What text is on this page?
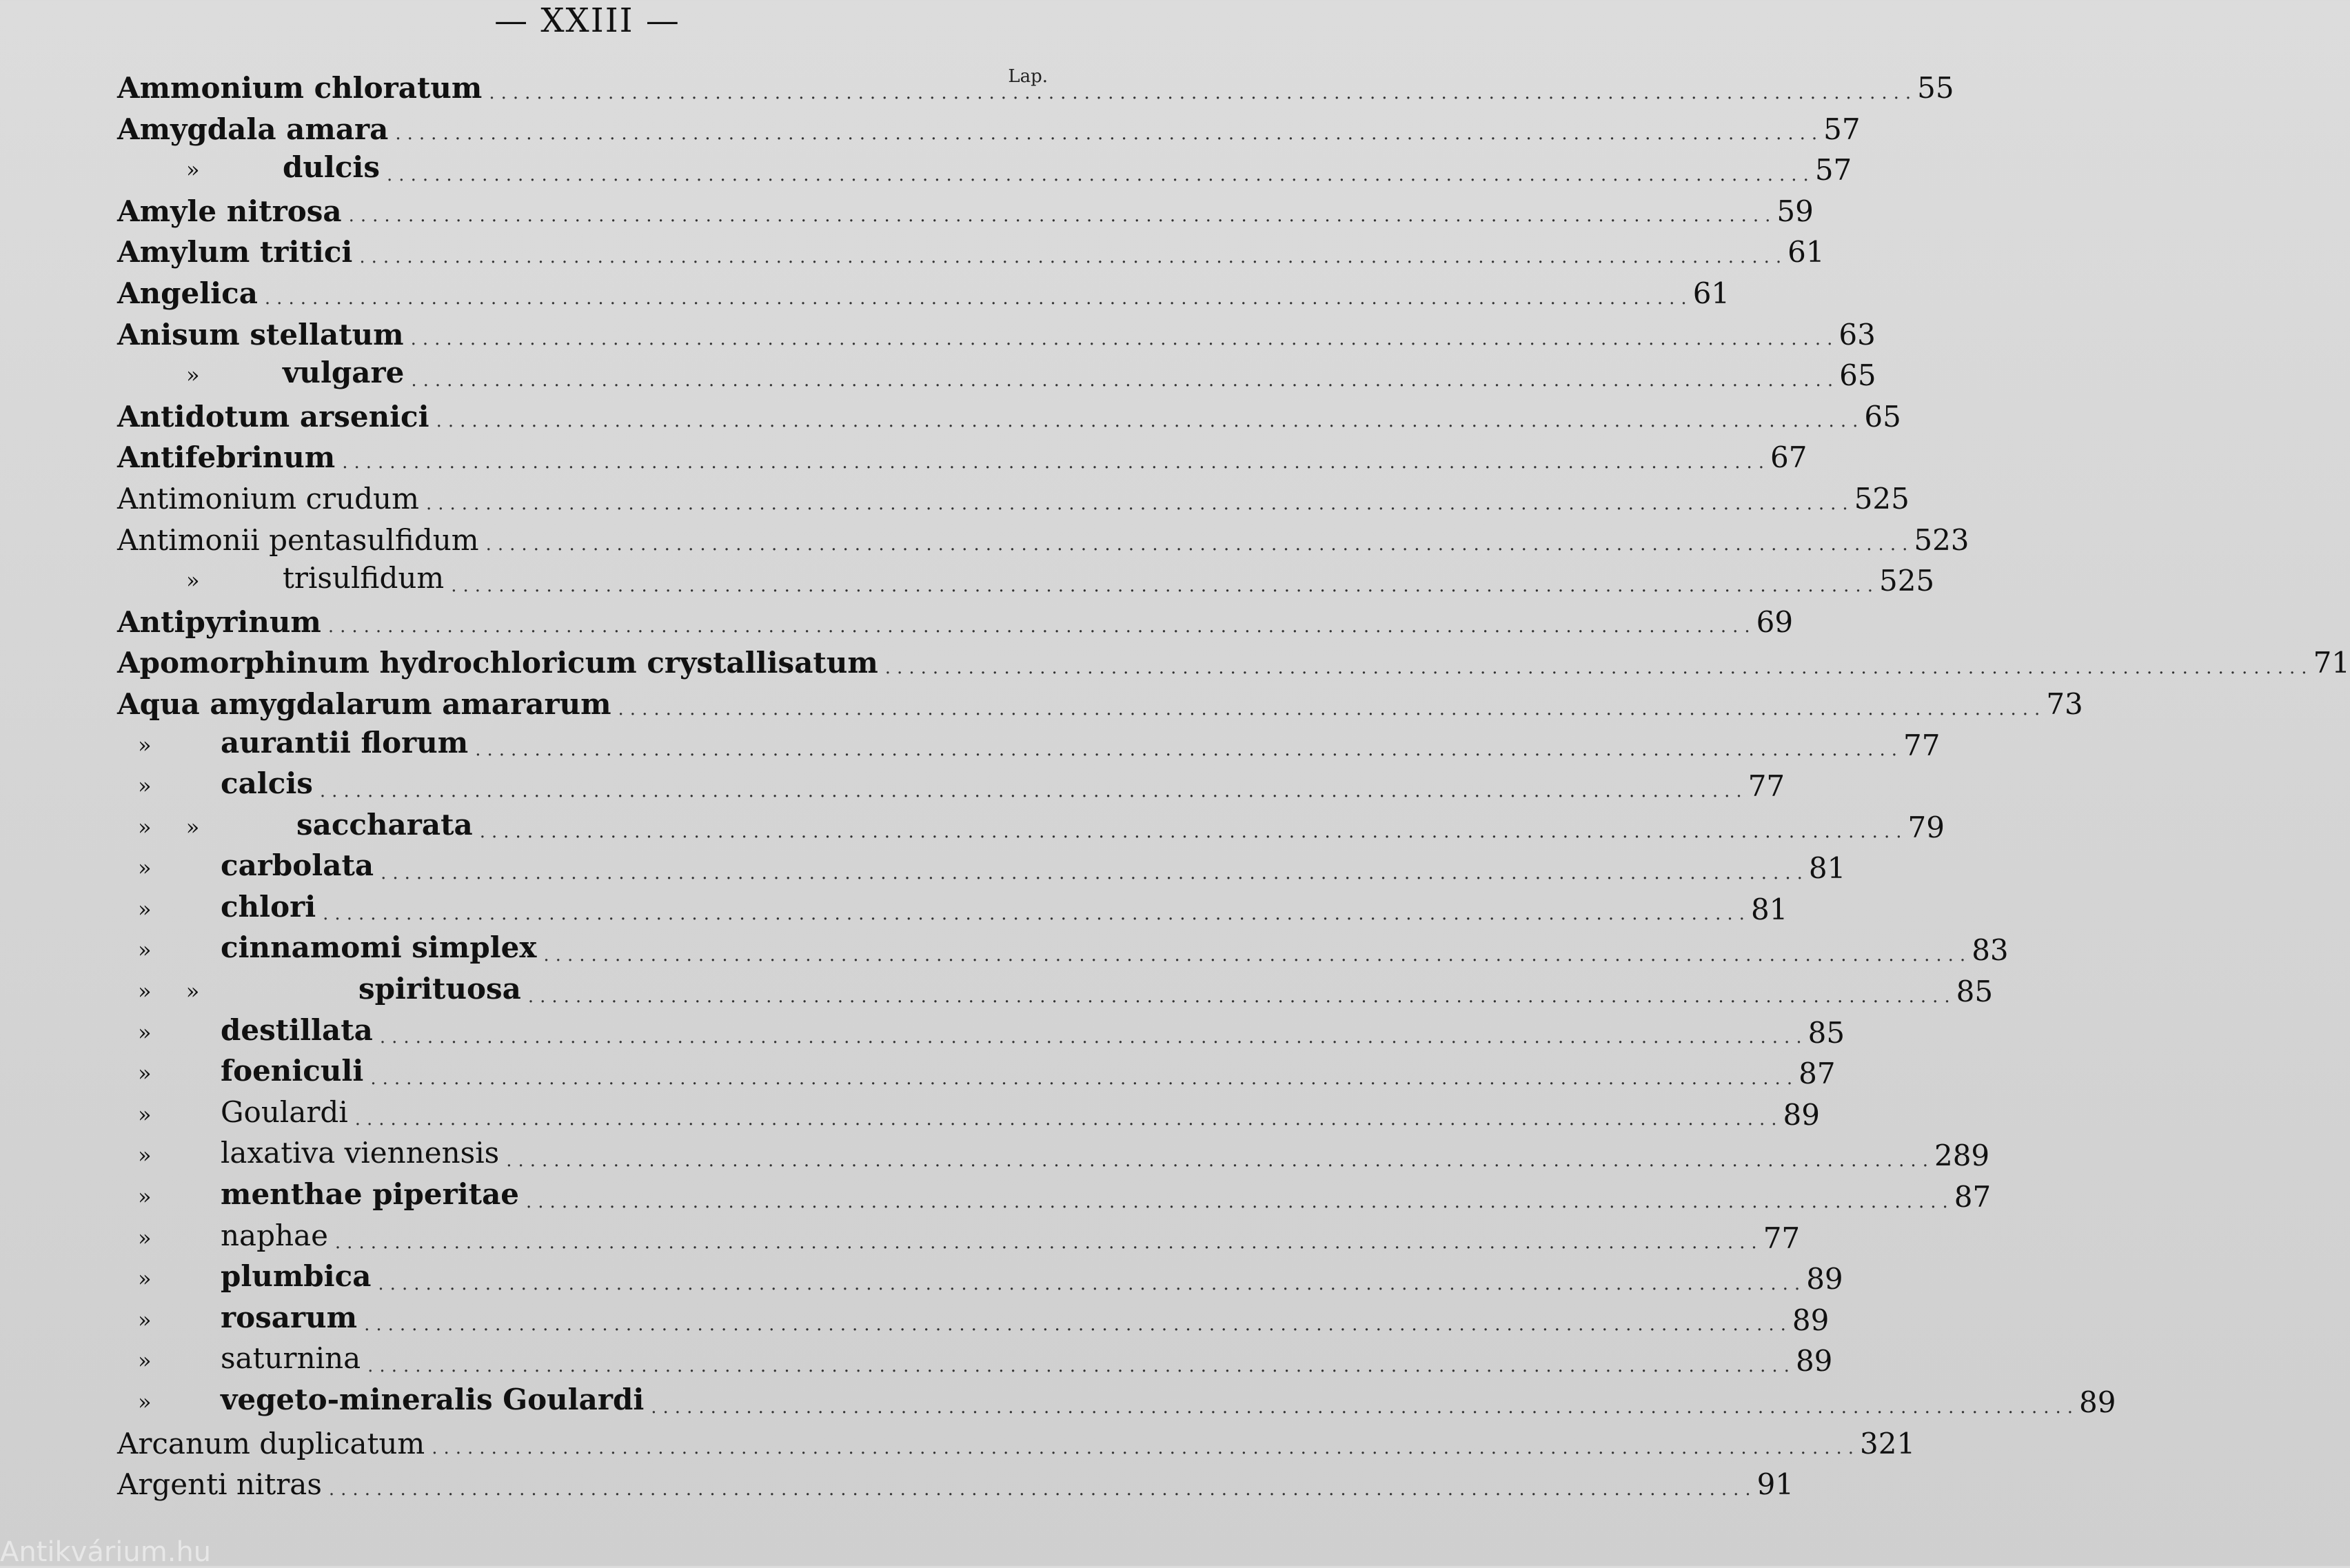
— XXIII —
Lap.
Ammonium chloratum ........................................................................................................................ 55
Amygdala amara ........................................................................................................................ 57
»	dulcis ........................................................................................................................ 57
Amyle nitrosa ........................................................................................................................ 59
Amylum tritici ........................................................................................................................ 61
Angelica ........................................................................................................................ 61
Anisum stellatum ........................................................................................................................ 63
»	vulgare ........................................................................................................................ 65
Antidotum arsenici ........................................................................................................................ 65
Antifebrinum ........................................................................................................................ 67
Antimonium crudum ........................................................................................................................ 525
Antimonii pentasulfidum ........................................................................................................................ 523
»	trisulfidum ........................................................................................................................ 525
Antipyrinum ........................................................................................................................ 69
Apomorphinum hydrochloricum crystallisatum ........................................................................................................................ 71
Aqua amygdalarum amararum ........................................................................................................................ 73
» aurantii florum ........................................................................................................................ 77
» calcis ........................................................................................................................ 77
» »	saccharata ........................................................................................................................ 79
» carbolata ........................................................................................................................ 81
» chlori ........................................................................................................................ 81
» cinnamomi simplex ........................................................................................................................ 83
» »	spirituosa ........................................................................................................................ 85
» destillata ........................................................................................................................ 85
» foeniculi ........................................................................................................................ 87
» Goulardi ........................................................................................................................ 89
» laxativa viennensis ........................................................................................................................ 289
» menthae piperitae ........................................................................................................................ 87
» naphae ........................................................................................................................ 77
» plumbica ........................................................................................................................ 89
» rosarum ........................................................................................................................ 89
» saturnina ........................................................................................................................ 89
» vegeto-mineralis Goulardi ........................................................................................................................ 89
Arcanum duplicatum ........................................................................................................................ 321
Argenti nitras ........................................................................................................................ 91
Antikvárium.hu
